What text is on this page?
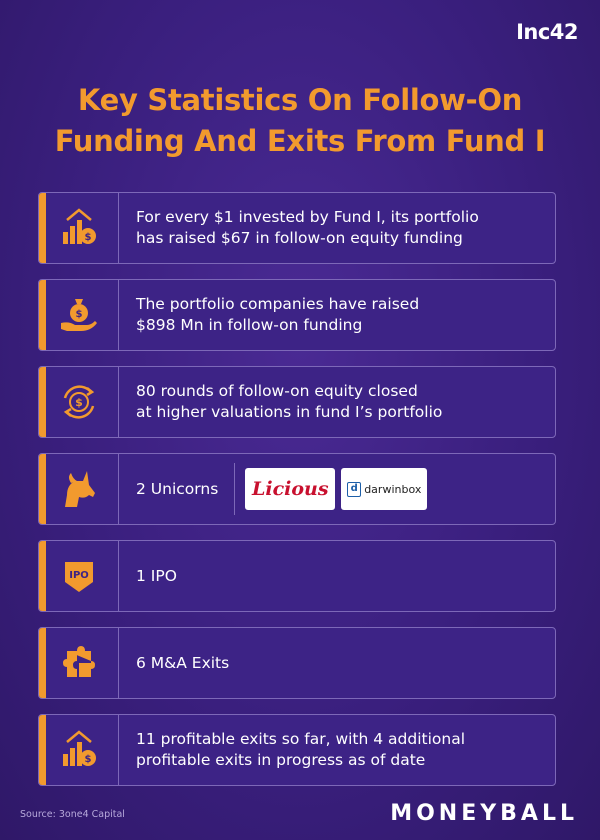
Inc42
Key Statistics On Follow-On
Funding And Exits From Fund I
$
For every $1 invested by Fund I, its portfolio
has raised $67 in follow-on equity funding
$
The portfolio companies have raised
$898 Mn in follow-on funding
$
80 rounds of follow-on equity closed
at higher valuations in fund I’s portfolio
2 Unicorns	Licious	d darwinbox
IPO	1 IPO
6 M&A Exits
$
11 profitable exits so far, with 4 additional
profitable exits in progress as of date
Source: 3one4 Capital	MONEYBALL
